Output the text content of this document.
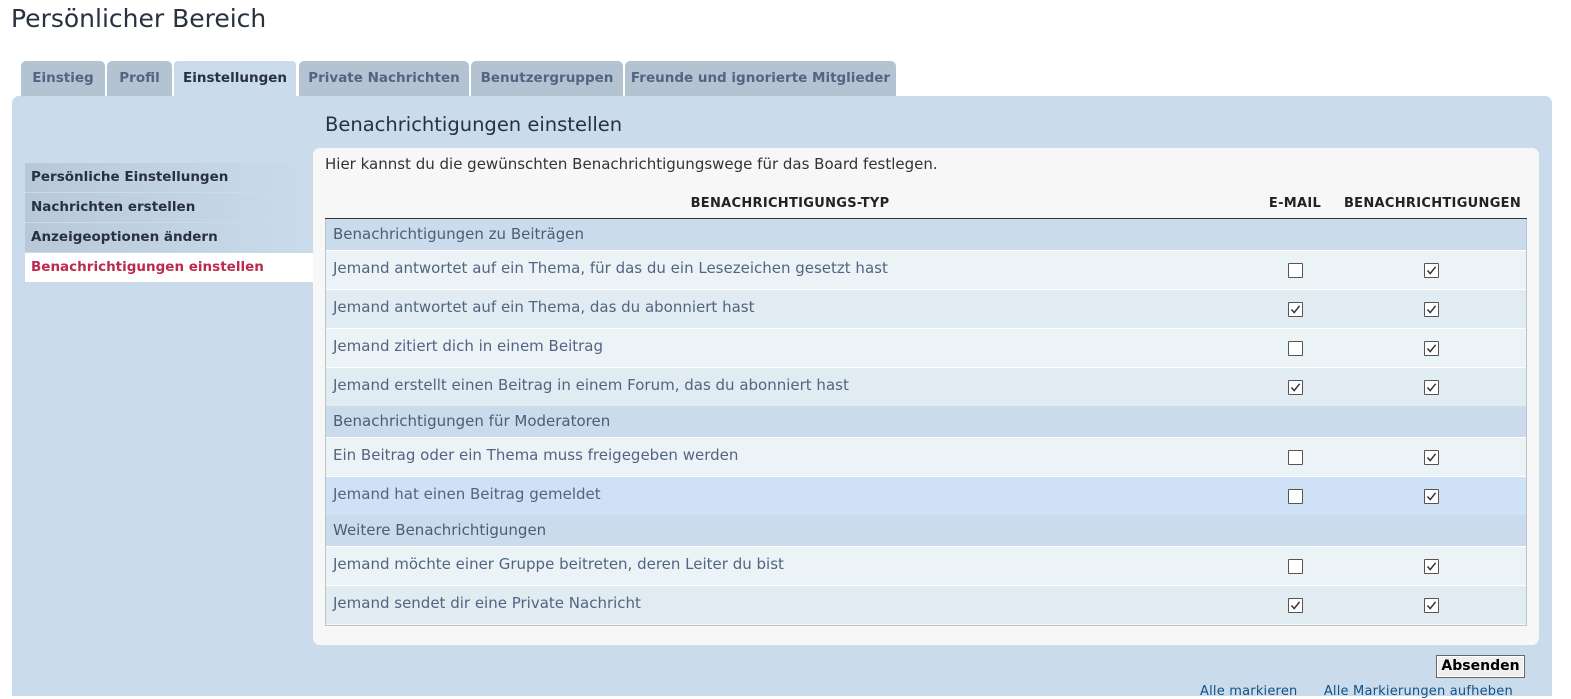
Persönlicher Bereich
Einstieg	Profil	Einstellungen	Private Nachrichten	Benutzergruppen	Freunde und ignorierte Mitglieder
Persönliche Einstellungen
Nachrichten erstellen
Anzeigeoptionen ändern
Benachrichtigungen einstellen
Benachrichtigungen einstellen

Hier kannst du die gewünschten Benachrichtigungswege für das Board festlegen.

BENACHRICHTIGUNGS-TYP	E-MAIL	BENACHRICHTIGUNGEN
Benachrichtigungen zu Beiträgen
Jemand antwortet auf ein Thema, für das du ein Lesezeichen gesetzt hast
Jemand antwortet auf ein Thema, das du abonniert hast
Jemand zitiert dich in einem Beitrag
Jemand erstellt einen Beitrag in einem Forum, das du abonniert hast
Benachrichtigungen für Moderatoren
Ein Beitrag oder ein Thema muss freigegeben werden
Jemand hat einen Beitrag gemeldet
Weitere Benachrichtigungen
Jemand möchte einer Gruppe beitreten, deren Leiter du bist
Jemand sendet dir eine Private Nachricht
Absenden
Alle markieren Alle Markierungen aufheben
